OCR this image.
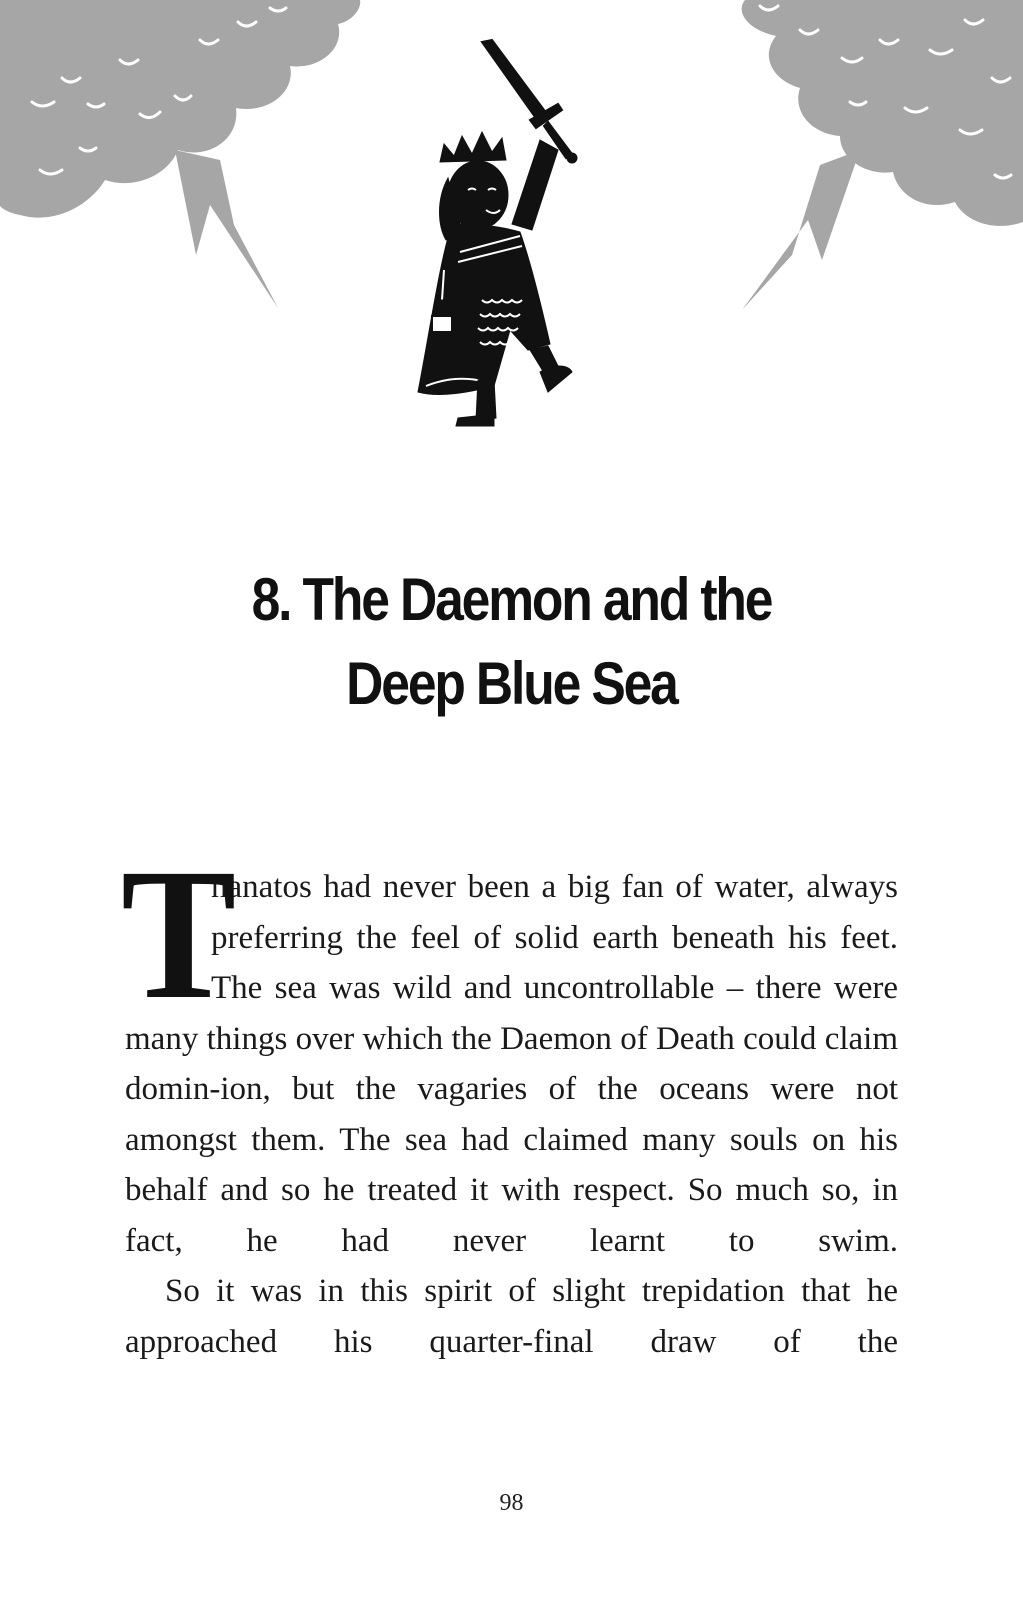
8. The Daemon and the
Deep Blue Sea

T
hanatos had never been a big fan of water, always preferring the feel of solid earth beneath his feet. The sea was wild and uncontrollable – there were many things over which the Daemon of Death could claim domin-ion, but the vagaries of the oceans were not amongst them. The sea had claimed many souls on his behalf and so he treated it with respect. So much so, in fact, he had never learnt to swim.

So it was in this spirit of slight trepidation that he approached his quarter-final draw of the

98
